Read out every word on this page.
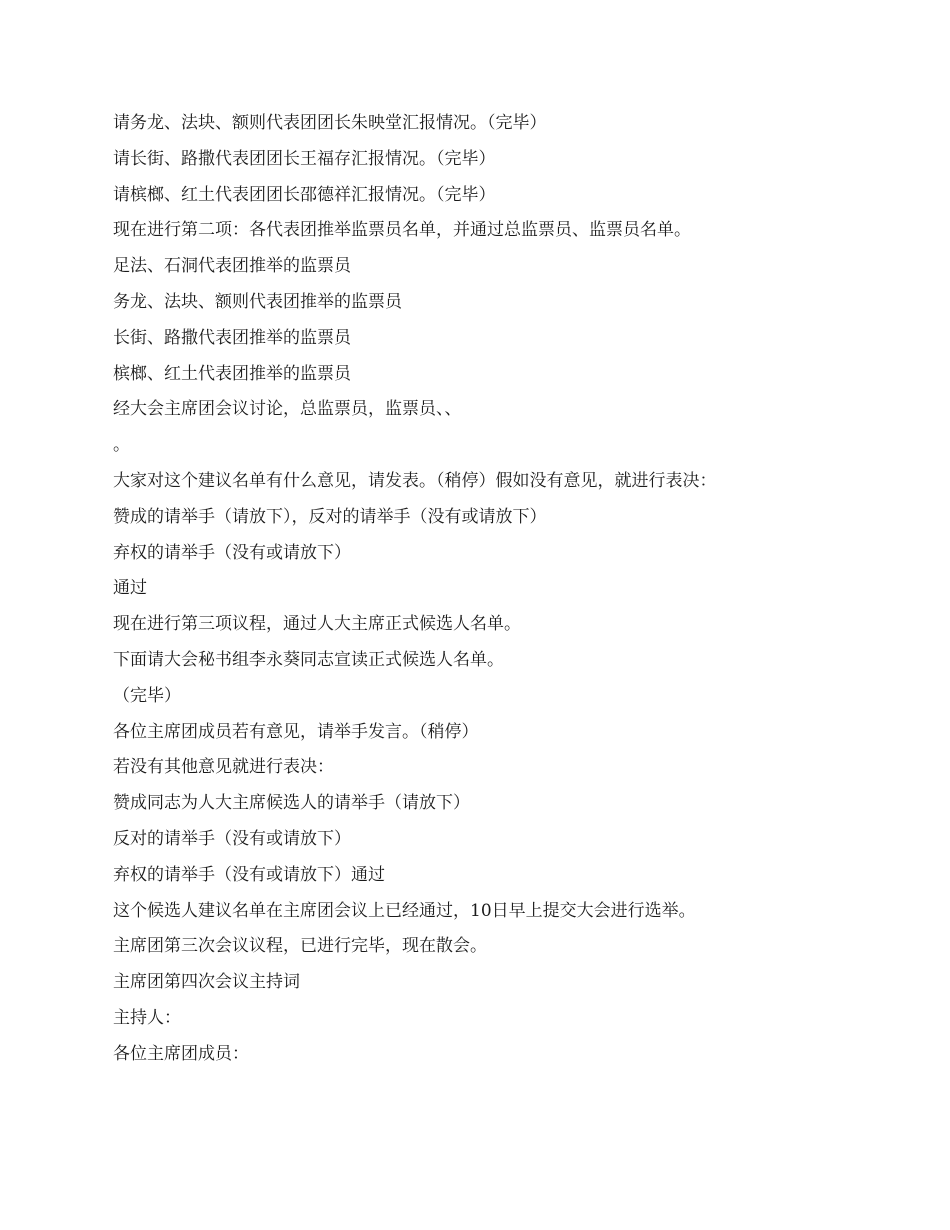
请务龙、法块、额则代表团团长朱映堂汇报情况。（完毕）
请长街、路撒代表团团长王福存汇报情况。（完毕）
请槟榔、红土代表团团长邵德祥汇报情况。（完毕）
现在进行第二项：各代表团推举监票员名单，并通过总监票员、监票员名单。
足法、石洞代表团推举的监票员
务龙、法块、额则代表团推举的监票员
长街、路撒代表团推举的监票员
槟榔、红土代表团推举的监票员
经大会主席团会议讨论，总监票员，监票员、、
。
大家对这个建议名单有什么意见，请发表。（稍停）假如没有意见，就进行表决：
赞成的请举手（请放下），反对的请举手（没有或请放下）
弃权的请举手（没有或请放下）
通过
现在进行第三项议程，通过人大主席正式候选人名单。
下面请大会秘书组李永葵同志宣读正式候选人名单。
（完毕）
各位主席团成员若有意见，请举手发言。（稍停）
若没有其他意见就进行表决：
赞成同志为人大主席候选人的请举手（请放下）
反对的请举手（没有或请放下）
弃权的请举手（没有或请放下）通过
这个候选人建议名单在主席团会议上已经通过，10日早上提交大会进行选举。
主席团第三次会议议程，已进行完毕，现在散会。
主席团第四次会议主持词
主持人：
各位主席团成员：
